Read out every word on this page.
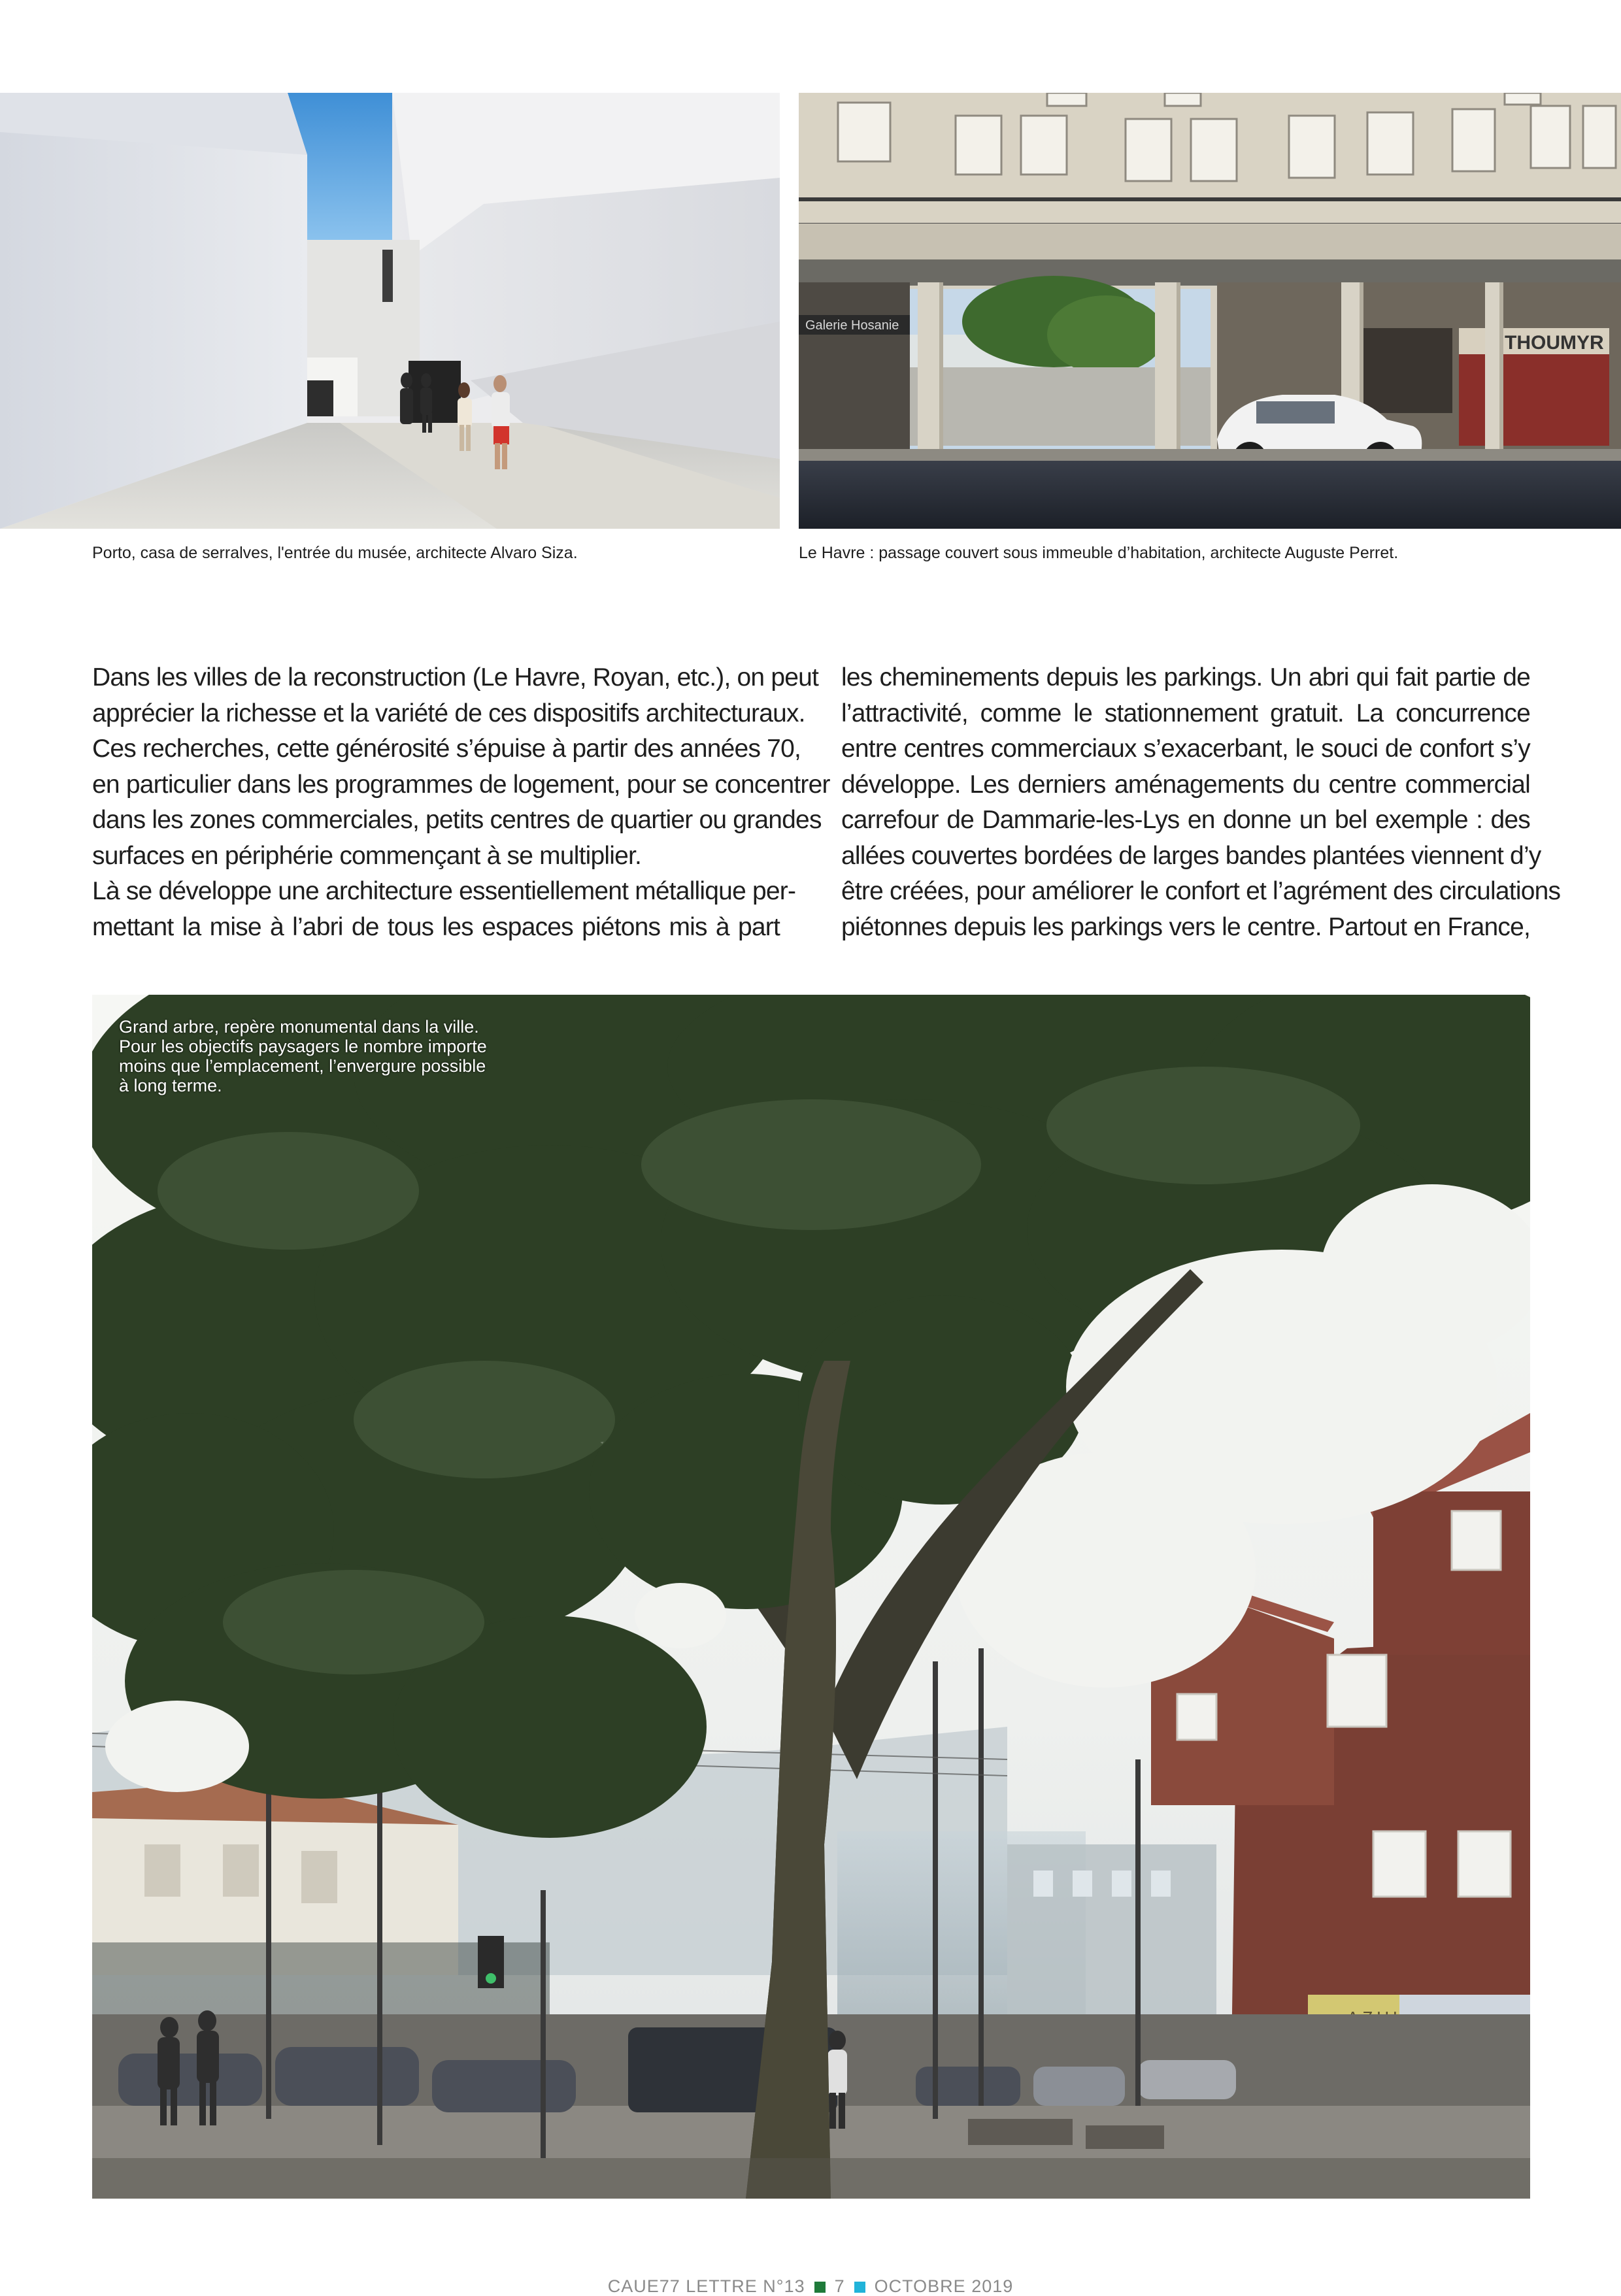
Porto, casa de serralves, l'entrée du musée, architecte Alvaro Siza.
Galerie Hosanie
THOUMYR
Le Havre : passage couvert sous immeuble d’habitation, architecte Auguste Perret.
Dans les villes de la reconstruction (Le Havre, Royan, etc.), on peut
apprécier la richesse et la variété de ces dispositifs architecturaux.
Ces recherches, cette générosité s’épuise à partir des années 70,
en particulier dans les programmes de logement, pour se concentrer
dans les zones commerciales, petits centres de quartier ou grandes
surfaces en périphérie commençant à se multiplier.
Là se développe une architecture essentiellement métallique per-
mettant la mise à l’abri de tous les espaces piétons mis à part
les cheminements depuis les parkings. Un abri qui fait partie de
l’attractivité, comme le stationnement gratuit. La concurrence
entre centres commerciaux s’exacerbant, le souci de confort s’y
développe. Les derniers aménagements du centre commercial
carrefour de Dammarie-les-Lys en donne un bel exemple : des
allées couvertes bordées de larges bandes plantées viennent d’y
être créées, pour améliorer le confort et l’agrément des circulations
piétonnes depuis les parkings vers le centre. Partout en France,
Grand arbre, repère monumental dans la ville.
Pour les objectifs paysagers le nombre importe
moins que l’emplacement, l’envergure possible
à long terme.
CAUE77 LETTRE N°13 7 OCTOBRE 2019
